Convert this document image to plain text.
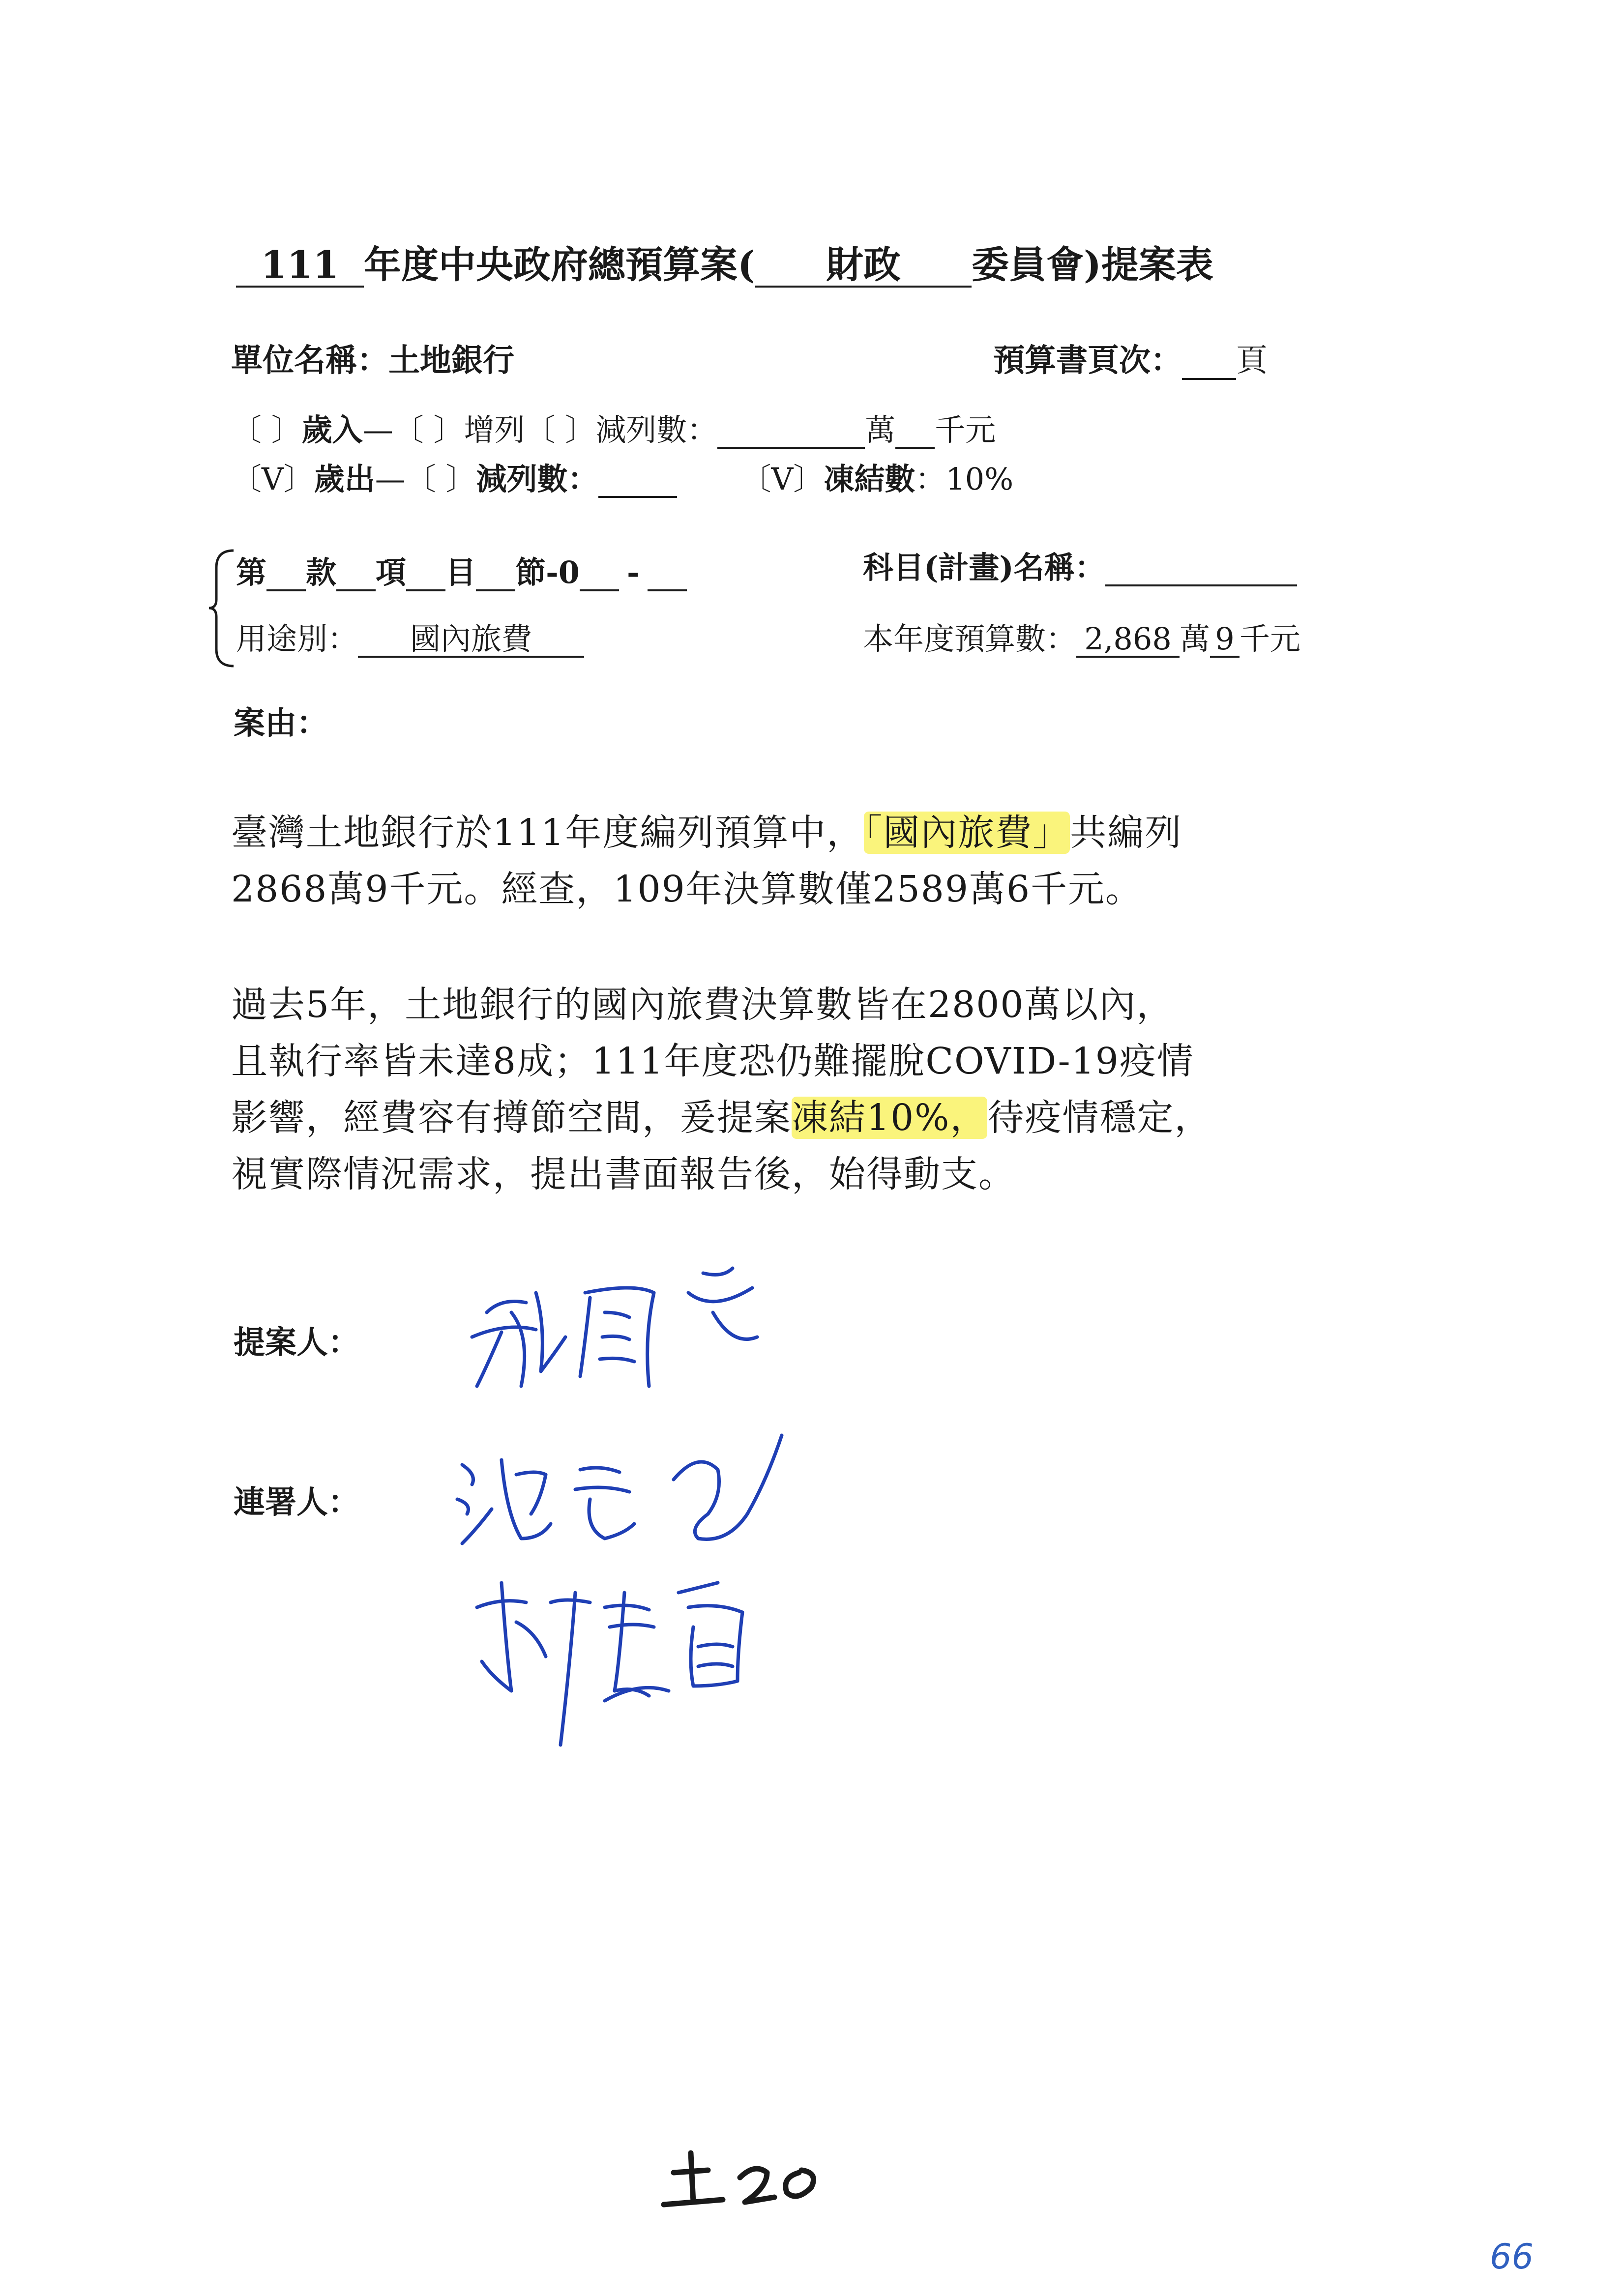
111 年度中央政府總預算案( 財政 委員會)提案表
單位名稱：土地銀行	預算書頁次： 頁
〔 〕歲入—〔 〕增列〔 〕減列數：	萬 千元
〔V〕歲出—〔 〕減列數：	〔V〕凍結數：10%
第 款 項 目 節-0 -	科目(計畫)名稱：
用途別： 國內旅費	本年度預算數： 2,868 萬 9 千元
案由：
臺灣土地銀行於111年度編列預算中，「國內旅費」共編列
2868萬9千元。經查，109年決算數僅2589萬6千元。
過去5年，土地銀行的國內旅費決算數皆在2800萬以內，
且執行率皆未達8成；111年度恐仍難擺脫COVID-19疫情
影響，經費容有撙節空間，爰提案凍結10%，待疫情穩定，
視實際情況需求，提出書面報告後，始得動支。
提案人：
連署人：
66
